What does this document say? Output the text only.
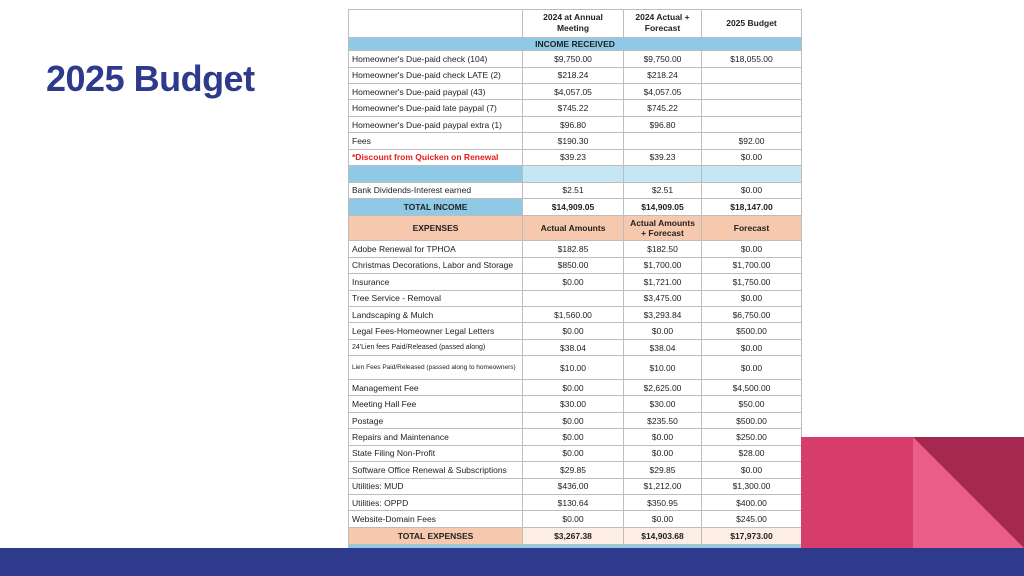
2025 Budget
	2024 at Annual Meeting	2024 Actual + Forecast	2025 Budget
INCOME RECEIVED			
Homeowner's Due-paid check (104)	$9,750.00	$9,750.00	$18,055.00
Homeowner's Due-paid check LATE (2)	$218.24	$218.24	
Homeowner's Due-paid paypal (43)	$4,057.05	$4,057.05	
Homeowner's Due-paid late paypal (7)	$745.22	$745.22	
Homeowner's Due-paid paypal extra (1)	$96.80	$96.80	
Fees	$190.30		$92.00
*Discount from Quicken on Renewal	$39.23	$39.23	$0.00

Bank Dividends-Interest earned	$2.51	$2.51	$0.00
TOTAL INCOME	$14,909.05	$14,909.05	$18,147.00
EXPENSES	Actual Amounts	Actual Amounts + Forecast	Forecast
Adobe Renewal for TPHOA	$182.85	$182.50	$0.00
Christmas Decorations, Labor and Storage	$850.00	$1,700.00	$1,700.00
Insurance	$0.00	$1,721.00	$1,750.00
Tree Service - Removal		$3,475.00	$0.00
Landscaping & Mulch	$1,560.00	$3,293.84	$6,750.00
Legal Fees-Homeowner Legal Letters	$0.00	$0.00	$500.00
24'Lien fees Paid/Released (passed along)	$38.04	$38.04	$0.00
Lien Fees Paid/Released (passed along to homeowners)	$10.00	$10.00	$0.00
Management Fee	$0.00	$2,625.00	$4,500.00
Meeting Hall Fee	$30.00	$30.00	$50.00
Postage	$0.00	$235.50	$500.00
Repairs and Maintenance	$0.00	$0.00	$250.00
State Filing Non-Profit	$0.00	$0.00	$28.00
Software Office Renewal & Subscriptions	$29.85	$29.85	$0.00
Utilities: MUD	$436.00	$1,212.00	$1,300.00
Utilities: OPPD	$130.64	$350.95	$400.00
Website-Domain Fees	$0.00	$0.00	$245.00
TOTAL EXPENSES	$3,267.38	$14,903.68	$17,973.00
